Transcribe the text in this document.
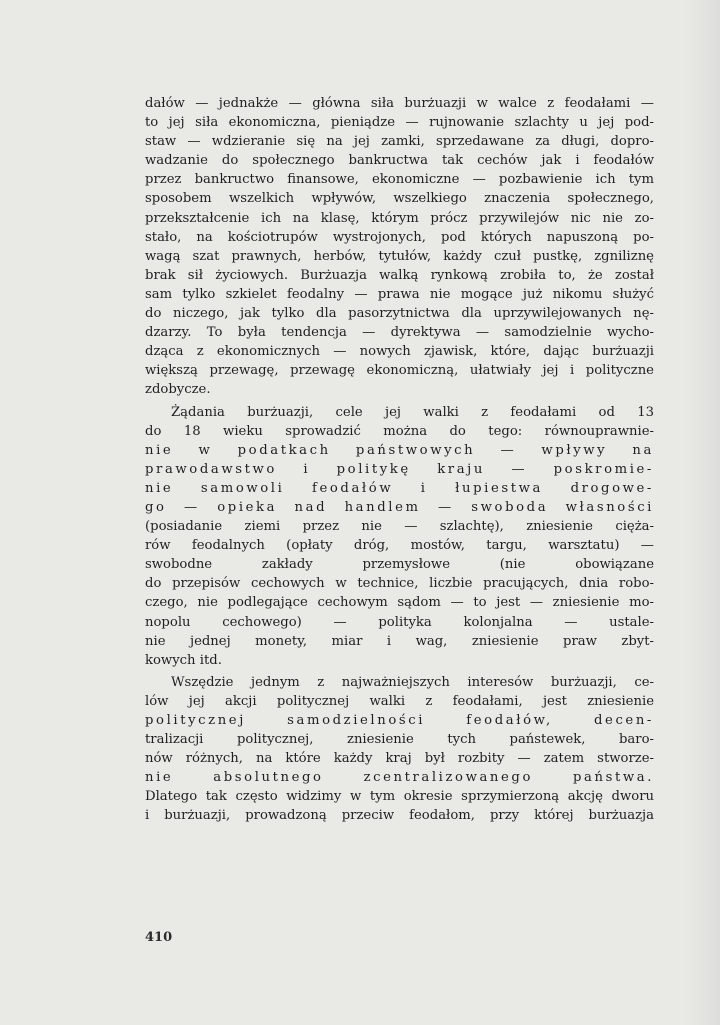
dałów — jednakże — główna siła burżuazji w walce z feodałami —
to jej siła ekonomiczna, pieniądze — rujnowanie szlachty u jej pod-
staw — wdzieranie się na jej zamki, sprzedawane za długi, dopro-
wadzanie do społecznego bankructwa tak cechów jak i feodałów
przez bankructwo finansowe, ekonomiczne — pozbawienie ich tym
sposobem wszelkich wpływów, wszelkiego znaczenia społecznego,
przekształcenie ich na klasę, którym prócz przywilejów nic nie zo-
stało, na kościotrupów wystrojonych, pod których napuszoną po-
wagą szat prawnych, herbów, tytułów, każdy czuł pustkę, zgniliznę
brak sił życiowych. Burżuazja walką rynkową zrobiła to, że został
sam tylko szkielet feodalny — prawa nie mogące już nikomu służyć
do niczego, jak tylko dla pasorzytnictwa dla uprzywilejowanych nę-
dzarzy. To była tendencja — dyrektywa — samodzielnie wycho-
dząca z ekonomicznych — nowych zjawisk, które, dając burżuazji
większą przewagę, przewagę ekonomiczną, ułatwiały jej i polityczne
zdobycze.

Żądania burżuazji, cele jej walki z feodałami od 13
do 18 wieku sprowadzić można do tego: równouprawnie-
nie w podatkach państwowych — wpływy na
prawodawstwo i politykę kraju — poskromie-
nie samowoli feodałów i łupiestwa drogowe-
go — opieka nad handlem — swoboda własności
(posiadanie ziemi przez nie — szlachtę), zniesienie cięża-
rów feodalnych (opłaty dróg, mostów, targu, warsztatu) —
swobodne zakłady przemysłowe (nie obowiązane
do przepisów cechowych w technice, liczbie pracujących, dnia robo-
czego, nie podlegające cechowym sądom — to jest — zniesienie mo-
nopolu cechowego) — polityka kolonjalna — ustale-
nie jednej monety, miar i wag, zniesienie praw zbyt-
kowych itd.

Wszędzie jednym z najważniejszych interesów burżuazji, ce-
lów jej akcji politycznej walki z feodałami, jest zniesienie
politycznej samodzielności feodałów, decen-
tralizacji politycznej, zniesienie tych państewek, baro-
nów różnych, na które każdy kraj był rozbity — zatem stworze-
nie absolutnego zcentralizowanego państwa.
Dlatego tak często widzimy w tym okresie sprzymierzoną akcję dworu
i burżuazji, prowadzoną przeciw feodałom, przy której burżuazja

410
